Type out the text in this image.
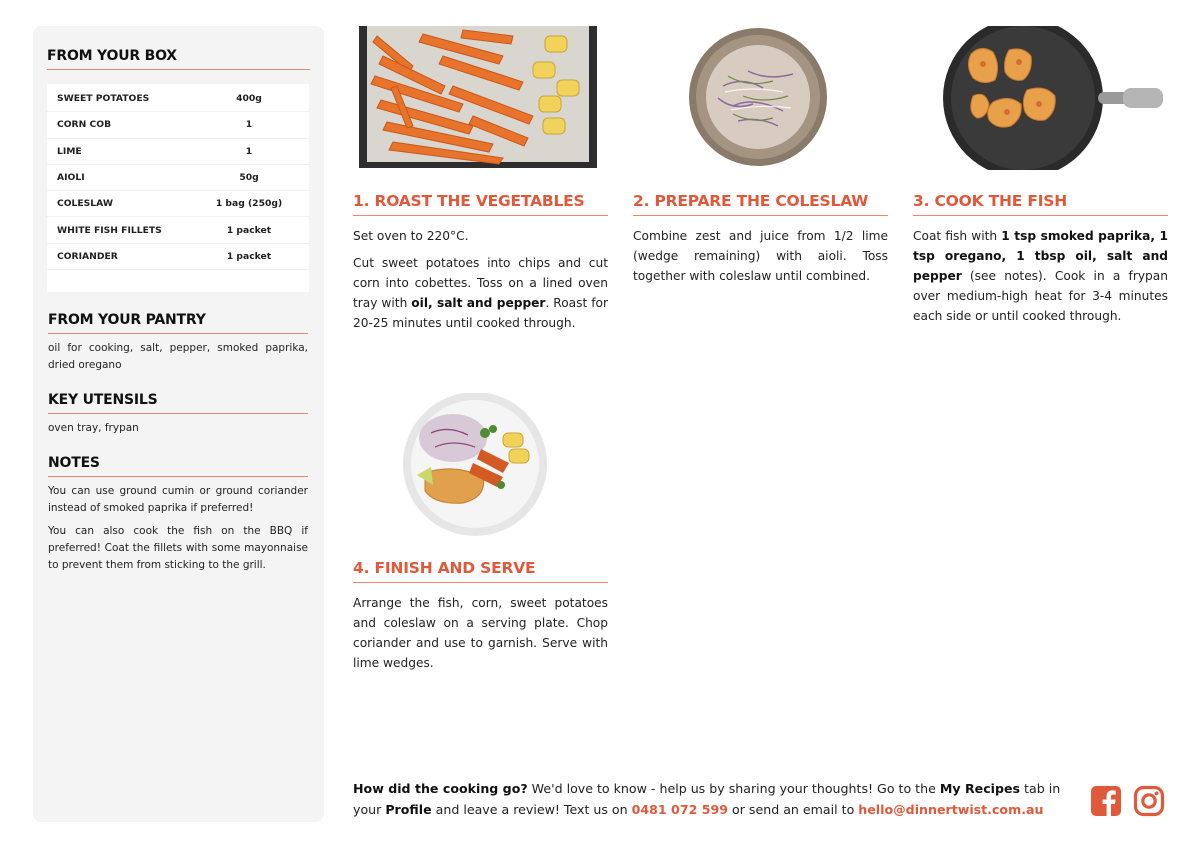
FROM YOUR BOX
SWEET POTATOES	400g
CORN COB	1
LIME	1
AIOLI	50g
COLESLAW	1 bag (250g)
WHITE FISH FILLETS	1 packet
CORIANDER	1 packet
FROM YOUR PANTRY
oil for cooking, salt, pepper, smoked paprika, dried oregano
KEY UTENSILS
oven tray, frypan
NOTES

You can use ground cumin or ground coriander instead of smoked paprika if preferred!

You can also cook the fish on the BBQ if preferred! Coat the fillets with some mayonnaise to prevent them from sticking to the grill.

1. ROAST THE VEGETABLES

Set oven to 220°C.

Cut sweet potatoes into chips and cut corn into cobettes. Toss on a lined oven tray with oil, salt and pepper. Roast for 20-25 minutes until cooked through.

2. PREPARE THE COLESLAW

Combine zest and juice from 1/2 lime (wedge remaining) with aioli. Toss together with coleslaw until combined.

3. COOK THE FISH

Coat fish with 1 tsp smoked paprika, 1 tsp oregano, 1 tbsp oil, salt and pepper (see notes). Cook in a frypan over medium-high heat for 3-4 minutes each side or until cooked through.

4. FINISH AND SERVE

Arrange the fish, corn, sweet potatoes and coleslaw on a serving plate. Chop coriander and use to garnish. Serve with lime wedges.

How did the cooking go? We'd love to know - help us by sharing your thoughts! Go to the My Recipes tab in your Profile and leave a review! Text us on 0481 072 599 or send an email to hello@dinnertwist.com.au
